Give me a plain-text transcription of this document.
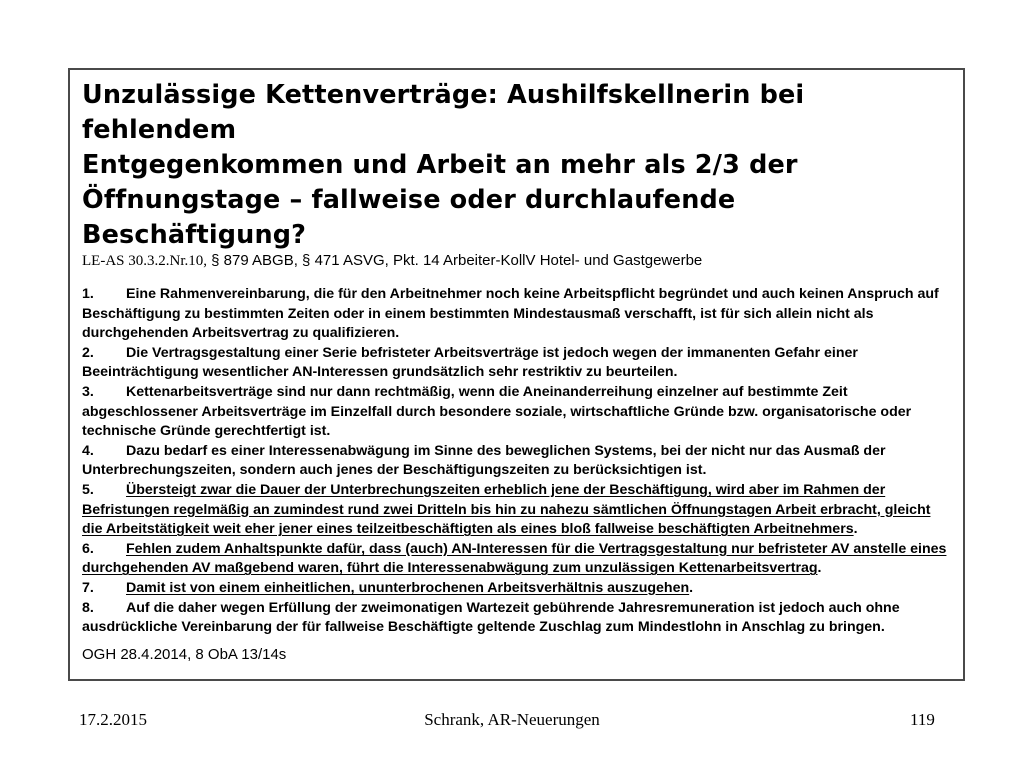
Unzulässige Kettenverträge: Aushilfskellnerin bei fehlendem
Entgegenkommen und Arbeit an mehr als 2/3 der
Öffnungstage – fallweise oder durchlaufende Beschäftigung?
LE-AS 30.3.2.Nr.10, § 879 ABGB, § 471 ASVG, Pkt. 14 Arbeiter-KollV Hotel- und Gastgewerbe
1. Eine Rahmenvereinbarung, die für den Arbeitnehmer noch keine Arbeitspflicht begründet und auch keinen Anspruch auf Beschäftigung zu bestimmten Zeiten oder in einem bestimmten Mindestausmaß verschafft, ist für sich allein nicht als durchgehenden Arbeitsvertrag zu qualifizieren.
2. Die Vertragsgestaltung einer Serie befristeter Arbeitsverträge ist jedoch wegen der immanenten Gefahr einer Beeinträchtigung wesentlicher AN-Interessen grundsätzlich sehr restriktiv zu beurteilen.
3. Kettenarbeitsverträge sind nur dann rechtmäßig, wenn die Aneinanderreihung einzelner auf bestimmte Zeit abgeschlossener Arbeitsverträge im Einzelfall durch besondere soziale, wirtschaftliche Gründe bzw. organisatorische oder technische Gründe gerechtfertigt ist.
4. Dazu bedarf es einer Interessenabwägung im Sinne des beweglichen Systems, bei der nicht nur das Ausmaß der Unterbrechungszeiten, sondern auch jenes der Beschäftigungszeiten zu berücksichtigen ist.
5. Übersteigt zwar die Dauer der Unterbrechungszeiten erheblich jene der Beschäftigung, wird aber im Rahmen der Befristungen regelmäßig an zumindest rund zwei Dritteln bis hin zu nahezu sämtlichen Öffnungstagen Arbeit erbracht, gleicht die Arbeitstätigkeit weit eher jener eines teilzeitbeschäftigten als eines bloß fallweise beschäftigten Arbeitnehmers.
6. Fehlen zudem Anhaltspunkte dafür, dass (auch) AN-Interessen für die Vertragsgestaltung nur befristeter AV anstelle eines durchgehenden AV maßgebend waren, führt die Interessenabwägung zum unzulässigen Kettenarbeitsvertrag.
7. Damit ist von einem einheitlichen, ununterbrochenen Arbeitsverhältnis auszugehen.
8. Auf die daher wegen Erfüllung der zweimonatigen Wartezeit gebührende Jahresremuneration ist jedoch auch ohne ausdrückliche Vereinbarung der für fallweise Beschäftigte geltende Zuschlag zum Mindestlohn in Anschlag zu bringen.
OGH 28.4.2014, 8 ObA 13/14s
17.2.2015	Schrank, AR-Neuerungen	119
